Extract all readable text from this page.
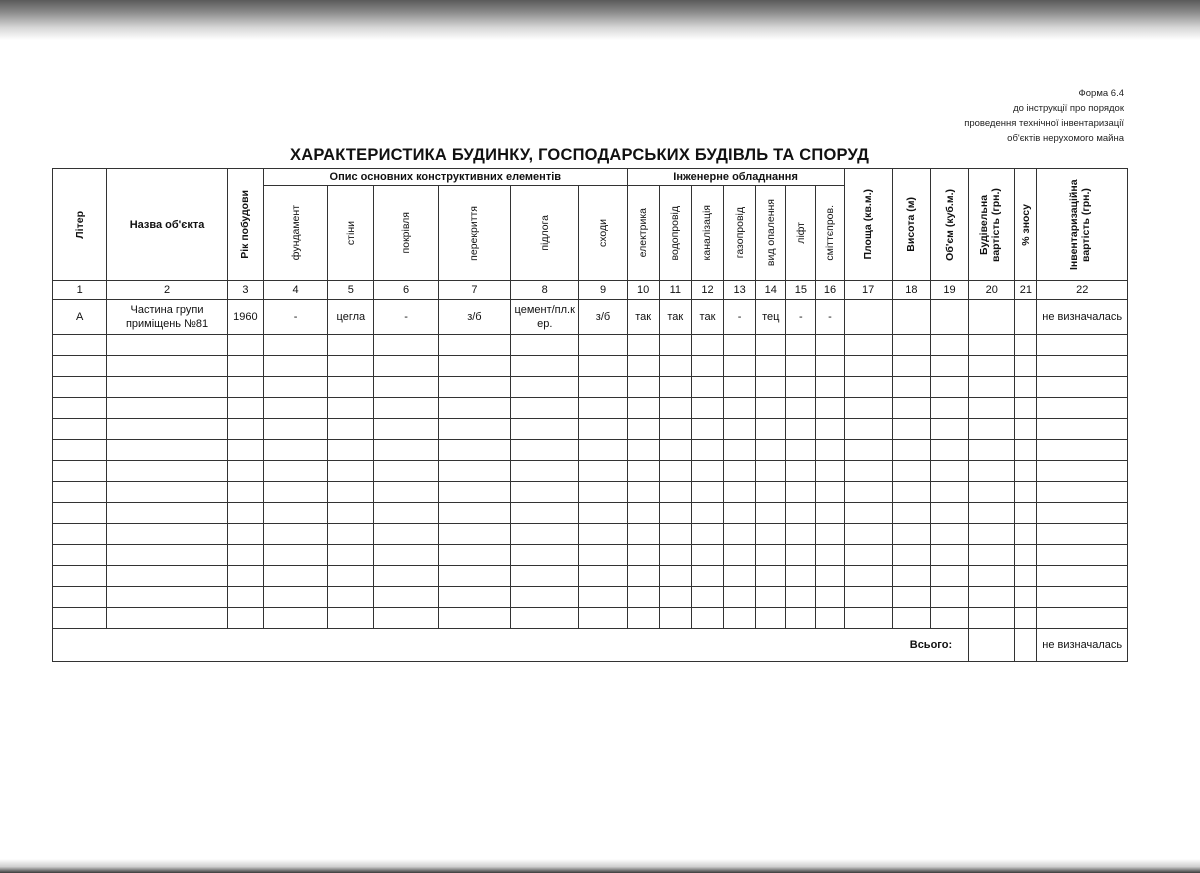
Форма 6.4
до інструкції про порядок
проведення технічної інвентаризації
об'єктів нерухомого майна
ХАРАКТЕРИСТИКА БУДИНКУ, ГОСПОДАРСЬКИХ БУДІВЛЬ ТА СПОРУД
Літер	Назва об'єкта	Рік побудови	Опис основних конструктивних елементів						Інженерне обладнання							Площа (кв.м.)	Висота (м)	Об'єм (куб.м.)	Будівельна вартість (грн.)	% зносу	Інвентаризаційна вартість (грн.)

			фундамент	стіни	покрівля	перекриття	підлога	сходи	електрика	водопровід	каналізація	газопровід	вид опалення	ліфт	сміттєпров.						

1	2	3	4	5	6	7	8	9	10	11	12	13	14	15	16	17	18	19	20	21	22
А	Частина групи приміщень №81	1960	-	цегла	-	з/б	цемент/пл.к ер.	з/б	так	так	так	-	тец	-	-						не визначалась

Всього:																					не визначалась
